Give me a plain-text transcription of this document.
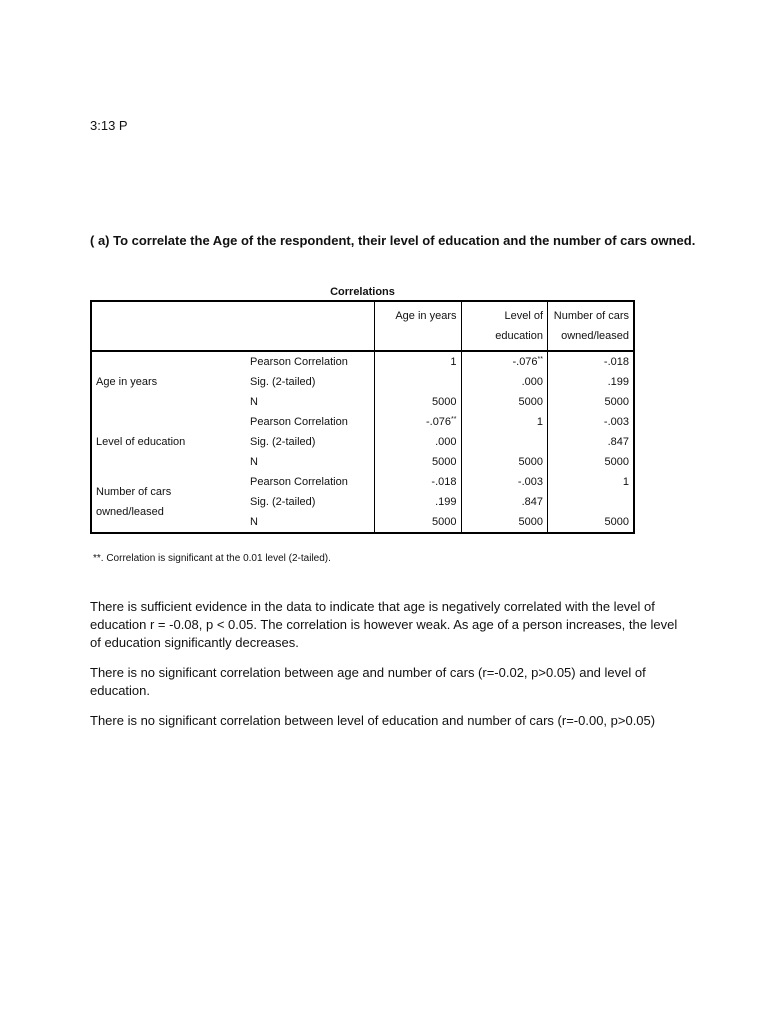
3:13 P
( a) To correlate the Age of the respondent, their level of education and the number of cars owned.
Correlations
		Age in years	Level of education	Number of cars owned/leased
Age in years	Pearson Correlation	1	-.076**	-.018
	Sig. (2-tailed)		.000	.199
	N	5000	5000	5000
Level of education	Pearson Correlation	-.076**	1	-.003
	Sig. (2-tailed)	.000		.847
	N	5000	5000	5000
Number of cars owned/leased	Pearson Correlation	-.018	-.003	1
	Sig. (2-tailed)	.199	.847	
	N	5000	5000	5000
**. Correlation is significant at the 0.01 level (2-tailed).

There is sufficient evidence in the data to indicate that age is negatively correlated with the level of education r = -0.08, p < 0.05. The correlation is however weak. As age of a person increases, the level of education significantly decreases.

There is no significant correlation between age and number of cars (r=-0.02, p>0.05) and level of education.

There is no significant correlation between level of education and number of cars (r=-0.00, p>0.05)
